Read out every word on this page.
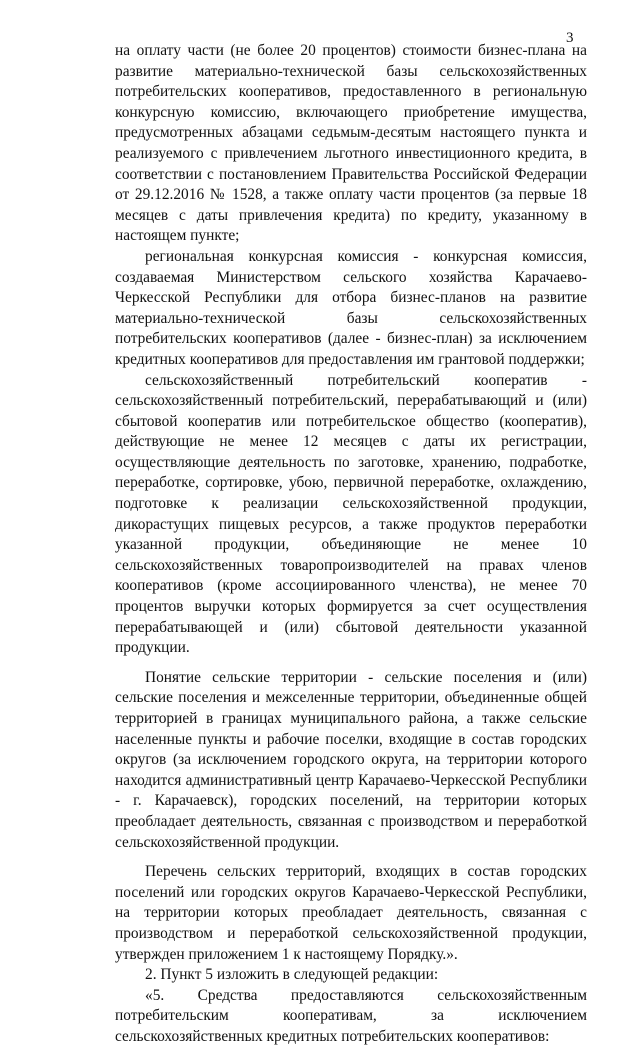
3

на оплату части (не более 20 процентов) стоимости бизнес-плана на развитие материально-технической базы сельскохозяйственных потребительских кооперативов, предоставленного в региональную конкурсную комиссию, включающего приобретение имущества, предусмотренных абзацами седьмым-десятым настоящего пункта и реализуемого с привлечением льготного инвестиционного кредита, в соответствии с постановлением Правительства Российской Федерации от 29.12.2016 № 1528, а также оплату части процентов (за первые 18 месяцев с даты привлечения кредита) по кредиту, указанному в настоящем пункте;

региональная конкурсная комиссия - конкурсная комиссия, создаваемая Министерством сельского хозяйства Карачаево-Черкесской Республики для отбора бизнес-планов на развитие материально-технической базы сельскохозяйственных потребительских кооперативов (далее - бизнес-план) за исключением кредитных кооперативов для предоставления им грантовой поддержки;

сельскохозяйственный потребительский кооператив - сельскохозяйственный потребительский, перерабатывающий и (или) сбытовой кооператив или потребительское общество (кооператив), действующие не менее 12 месяцев с даты их регистрации, осуществляющие деятельность по заготовке, хранению, подработке, переработке, сортировке, убою, первичной переработке, охлаждению, подготовке к реализации сельскохозяйственной продукции, дикорастущих пищевых ресурсов, а также продуктов переработки указанной продукции, объединяющие не менее 10 сельскохозяйственных товаропроизводителей на правах членов кооперативов (кроме ассоциированного членства), не менее 70 процентов выручки которых формируется за счет осуществления перерабатывающей и (или) сбытовой деятельности указанной продукции.

Понятие сельские территории - сельские поселения и (или) сельские поселения и межселенные территории, объединенные общей территорией в границах муниципального района, а также сельские населенные пункты и рабочие поселки, входящие в состав городских округов (за исключением городского округа, на территории которого находится административный центр Карачаево-Черкесской Республики - г. Карачаевск), городских поселений, на территории которых преобладает деятельность, связанная с производством и переработкой сельскохозяйственной продукции.

Перечень сельских территорий, входящих в состав городских поселений или городских округов Карачаево-Черкесской Республики, на территории которых преобладает деятельность, связанная с производством и переработкой сельскохозяйственной продукции, утвержден приложением 1 к настоящему Порядку.».

2. Пункт 5 изложить в следующей редакции:

«5. Средства предоставляются сельскохозяйственным потребительским кооперативам, за исключением сельскохозяйственных кредитных потребительских кооперативов:
